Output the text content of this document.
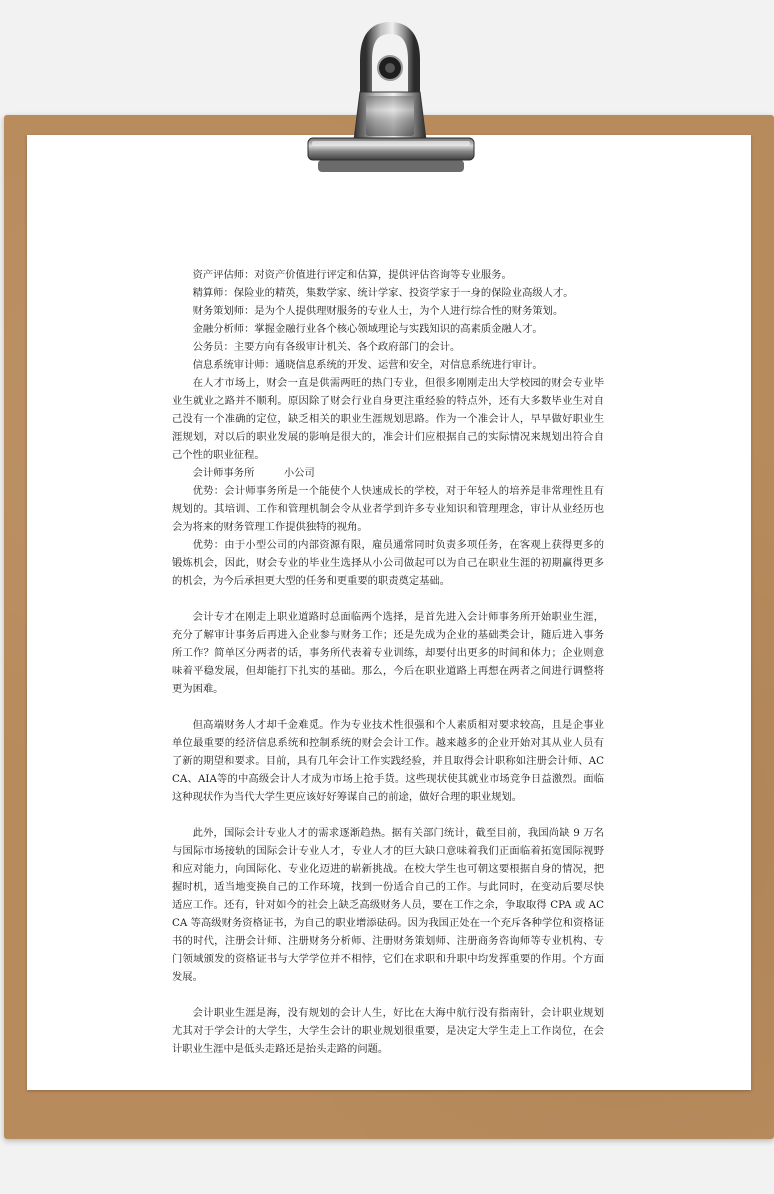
资产评估师：对资产价值进行评定和估算，提供评估咨询等专业服务。

精算师：保险业的精英，集数学家、统计学家、投资学家于一身的保险业高级人才。

财务策划师：是为个人提供理财服务的专业人士，为个人进行综合性的财务策划。

金融分析师：掌握金融行业各个核心领域理论与实践知识的高素质金融人才。

公务员：主要方向有各级审计机关、各个政府部门的会计。

信息系统审计师：通晓信息系统的开发、运营和安全，对信息系统进行审计。

在人才市场上，财会一直是供需两旺的热门专业，但很多刚刚走出大学校园的财会专业毕业生就业之路并不顺利。原因除了财会行业自身更注重经验的特点外，还有大多数毕业生对自己没有一个准确的定位，缺乏相关的职业生涯规划思路。作为一个准会计人，早早做好职业生涯规划，对以后的职业发展的影响是很大的，准会计们应根据自己的实际情况来规划出符合自己个性的职业征程。

会计师事务所         小公司

优势：会计师事务所是一个能使个人快速成长的学校，对于年轻人的培养是非常理性且有规划的。其培训、工作和管理机制会令从业者学到许多专业知识和管理理念，审计从业经历也会为将来的财务管理工作提供独特的视角。

优势：由于小型公司的内部资源有限，雇员通常同时负责多项任务，在客观上获得更多的锻炼机会，因此，财会专业的毕业生选择从小公司做起可以为自己在职业生涯的初期赢得更多的机会，为今后承担更大型的任务和更重要的职责奠定基础。

会计专才在刚走上职业道路时总面临两个选择，是首先进入会计师事务所开始职业生涯，充分了解审计事务后再进入企业参与财务工作；还是先成为企业的基础类会计，随后进入事务所工作？简单区分两者的话，事务所代表着专业训练，却要付出更多的时间和体力；企业则意味着平稳发展，但却能打下扎实的基础。那么，今后在职业道路上再想在两者之间进行调整将更为困难。

但高端财务人才却千金难觅。作为专业技术性很强和个人素质相对要求较高，且是企事业单位最重要的经济信息系统和控制系统的财会会计工作。越来越多的企业开始对其从业人员有了新的期望和要求。目前，具有几年会计工作实践经验，并且取得会计职称如注册会计师、ACCA、AIA等的中高级会计人才成为市场上抢手货。这些现状使其就业市场竞争日益激烈。面临这种现状作为当代大学生更应该好好筹谋自己的前途，做好合理的职业规划。

此外，国际会计专业人才的需求逐渐趋热。据有关部门统计，截至目前，我国尚缺 9 万名与国际市场接轨的国际会计专业人才，专业人才的巨大缺口意味着我们正面临着拓宽国际视野和应对能力，向国际化、专业化迈进的崭新挑战。在校大学生也可朝这要根据自身的情况，把握时机，适当地变换自己的工作环境，找到一份适合自己的工作。与此同时，在变动后要尽快适应工作。还有，针对如今的社会上缺乏高级财务人员，要在工作之余，争取取得 CPA 或 ACCA 等高级财务资格证书，为自己的职业增添砝码。因为我国正处在一个充斥各种学位和资格证书的时代，注册会计师、注册财务分析师、注册财务策划师、注册商务咨询师等专业机构、专门领域颁发的资格证书与大学学位并不相悖，它们在求职和升职中均发挥重要的作用。个方面发展。

会计职业生涯是海，没有规划的会计人生，好比在大海中航行没有指南针，会计职业规划尤其对于学会计的大学生，大学生会计的职业规划很重要，是决定大学生走上工作岗位，在会计职业生涯中是低头走路还是抬头走路的问题。
